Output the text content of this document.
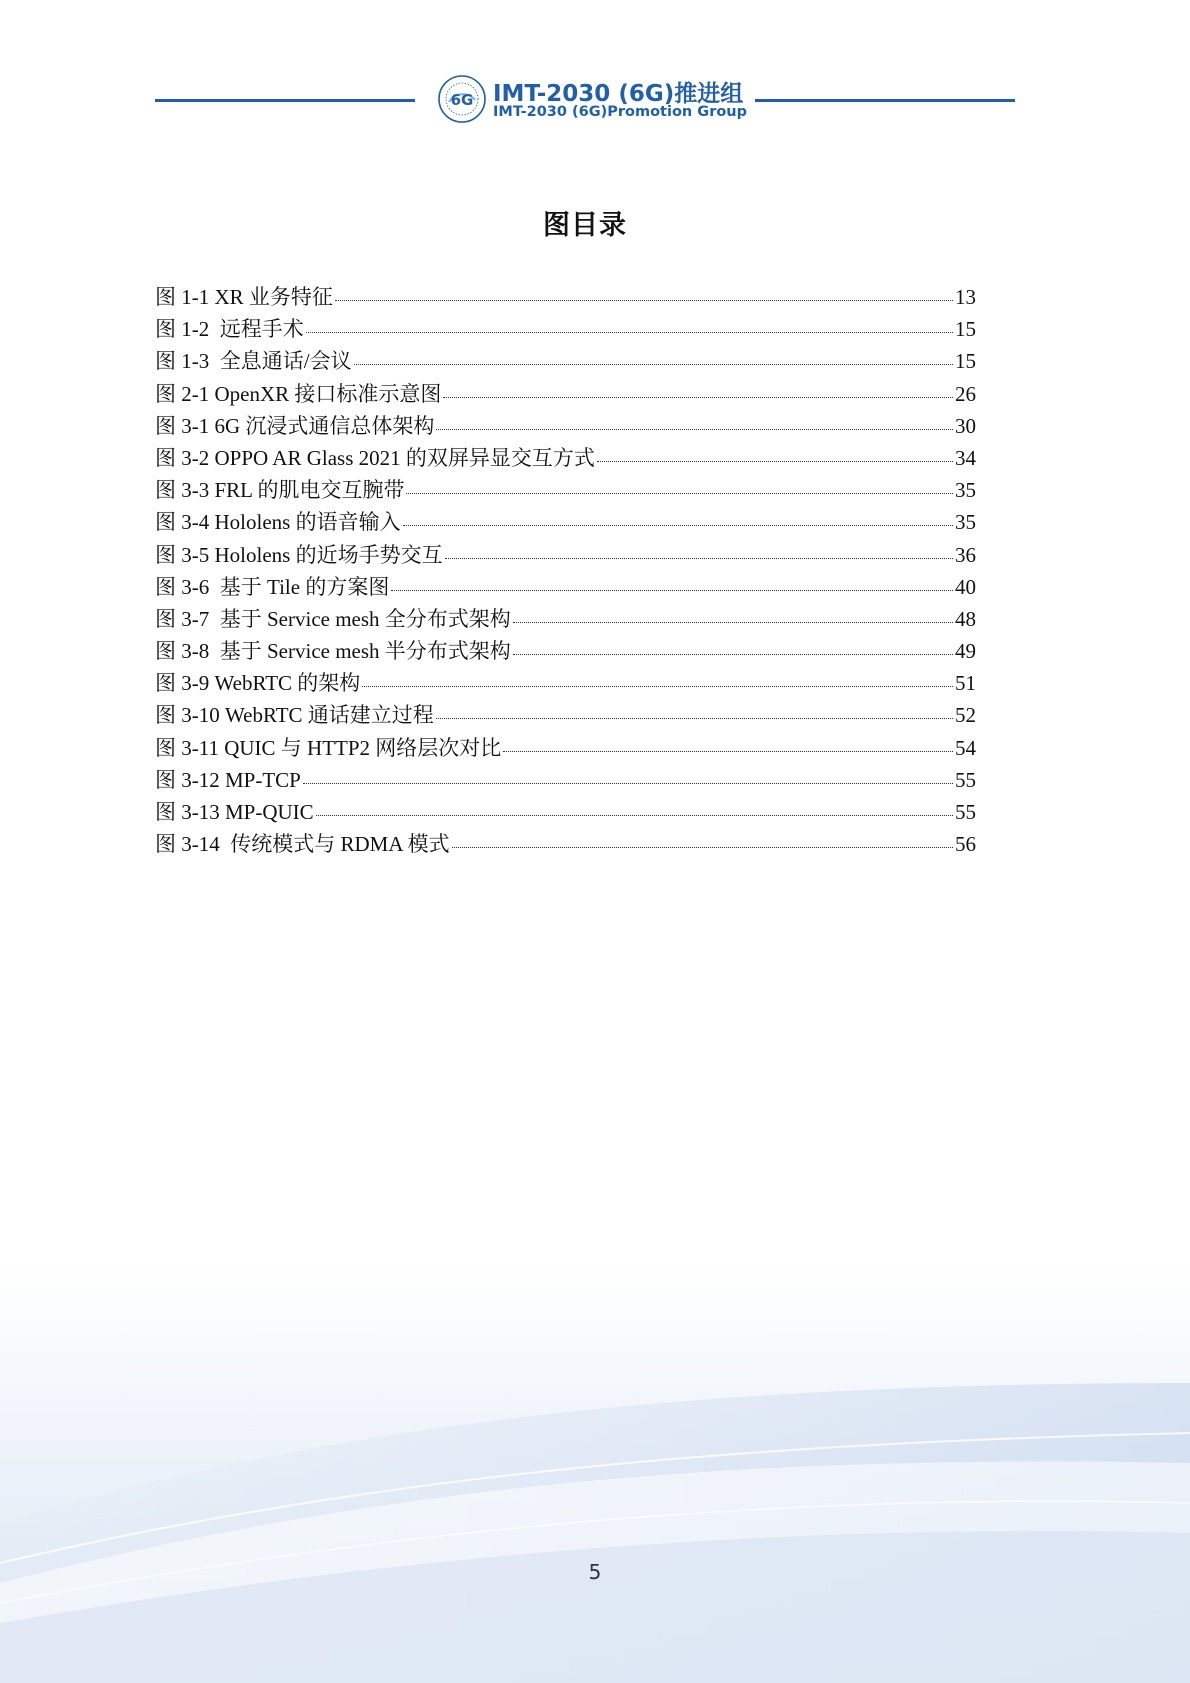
6G IMT-2030 (6G)推进组
IMT-2030 (6G)Promotion Group
图目录
图 1-1 XR 业务特征	13
图 1-2  远程手术	15
图 1-3  全息通话/会议	15
图 2-1 OpenXR 接口标准示意图	26
图 3-1 6G 沉浸式通信总体架构	30
图 3-2 OPPO AR Glass 2021 的双屏异显交互方式	34
图 3-3 FRL 的肌电交互腕带	35
图 3-4 Hololens 的语音输入	35
图 3-5 Hololens 的近场手势交互	36
图 3-6  基于 Tile 的方案图	40
图 3-7  基于 Service mesh 全分布式架构	48
图 3-8  基于 Service mesh 半分布式架构	49
图 3-9 WebRTC 的架构	51
图 3-10 WebRTC 通话建立过程	52
图 3-11 QUIC 与 HTTP2 网络层次对比	54
图 3-12 MP-TCP	55
图 3-13 MP-QUIC	55
图 3-14  传统模式与 RDMA 模式	56
5
